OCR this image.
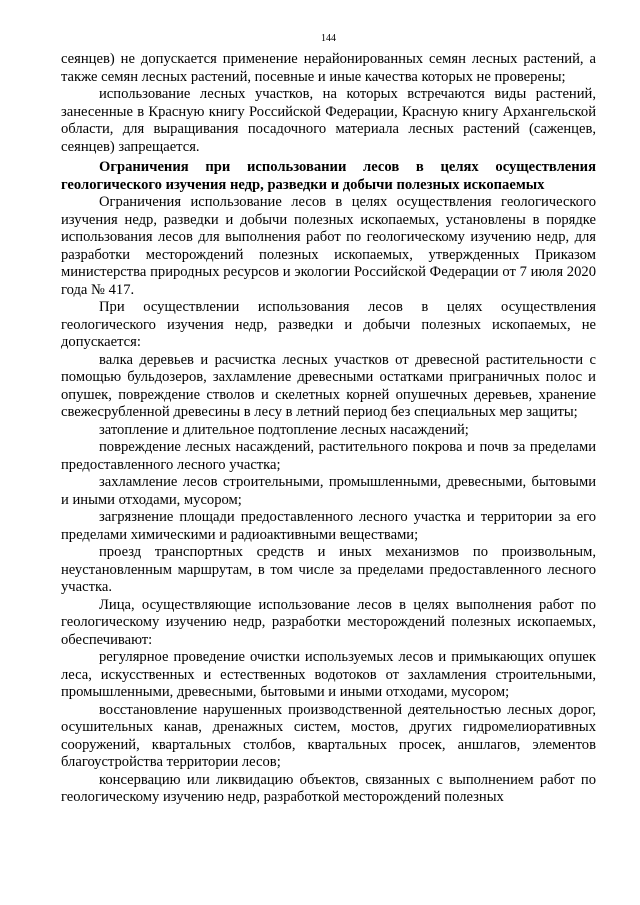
144

сеянцев) не допускается применение нерайонированных семян лесных растений, а также семян лесных растений, посевные и иные качества которых не проверены;

использование лесных участков, на которых встречаются виды растений, занесенные в Красную книгу Российской Федерации, Красную книгу Архангельской области, для выращивания посадочного материала лесных растений (саженцев, сеянцев) запрещается.

Ограничения при использовании лесов в целях осуществления геологического изучения недр, разведки и добычи полезных ископаемых

Ограничения использование лесов в целях осуществления геологического изучения недр, разведки и добычи полезных ископаемых, установлены в порядке использования лесов для выполнения работ по геологическому изучению недр, для разработки месторождений полезных ископаемых, утвержденных Приказом министерства природных ресурсов и экологии Российской Федерации от 7 июля 2020 года № 417.

При осуществлении использования лесов в целях осуществления геологического изучения недр, разведки и добычи полезных ископаемых, не допускается:

валка деревьев и расчистка лесных участков от древесной растительности с помощью бульдозеров, захламление древесными остатками приграничных полос и опушек, повреждение стволов и скелетных корней опушечных деревьев, хранение свежесрубленной древесины в лесу в летний период без специальных мер защиты;

затопление и длительное подтопление лесных насаждений;

повреждение лесных насаждений, растительного покрова и почв за пределами предоставленного лесного участка;

захламление лесов строительными, промышленными, древесными, бытовыми и иными отходами, мусором;

загрязнение площади предоставленного лесного участка и территории за его пределами химическими и радиоактивными веществами;

проезд транспортных средств и иных механизмов по произвольным, неустановленным маршрутам, в том числе за пределами предоставленного лесного участка.

Лица, осуществляющие использование лесов в целях выполнения работ по геологическому изучению недр, разработки месторождений полезных ископаемых, обеспечивают:

регулярное проведение очистки используемых лесов и примыкающих опушек леса, искусственных и естественных водотоков от захламления строительными, промышленными, древесными, бытовыми и иными отходами, мусором;

восстановление нарушенных производственной деятельностью лесных дорог, осушительных канав, дренажных систем, мостов, других гидромелиоративных сооружений, квартальных столбов, квартальных просек, аншлагов, элементов благоустройства территории лесов;

консервацию или ликвидацию объектов, связанных с выполнением работ по геологическому изучению недр, разработкой месторождений полезных
